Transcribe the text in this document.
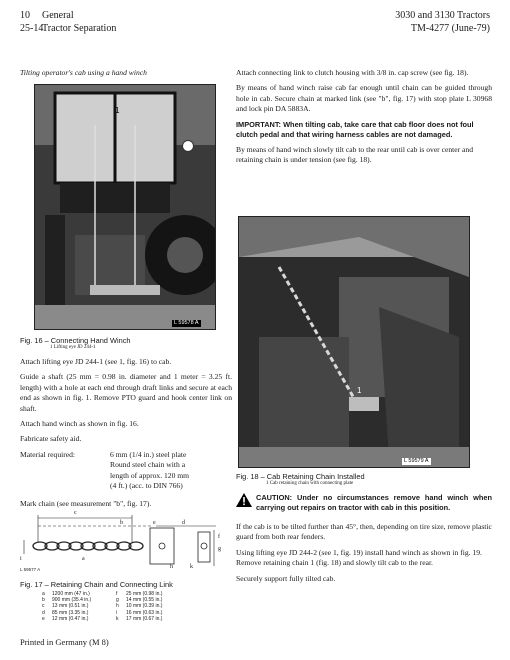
10 General
25-14
Tractor Separation
3030 and 3130 Tractors
TM-4277 (June-79)

Tilting operator's cab using a hand winch

1
L 59578 A

Fig. 16 – Connecting Hand Winch

1 Lifting eye JD 244-1

Attach lifting eye JD 244-1 (see 1, fig. 16) to cab.

Guide a shaft (25 mm = 0.98 in. diameter and 1 meter = 3.25 ft. length) with a hole at each end through draft links and secure at each end as shown in fig. 1. Remove PTO guard and hook center link on shaft.

Attach hand winch as shown in fig. 16.

Fabricate safety aid.

Material required:	6 mm (1/4 in.) steel plate
Round steel chain with a
length of approx. 120 mm
(4 ft.) (acc. to DIN 766)

Mark chain (see measurement "b", fig. 17).

c
b	d
e
a
f
g
h
i
k
L 59577 A

Fig. 17 – Retaining Chain and Connecting Link

a	1200 mm (47 in.)	f	25 mm (0.98 in.)
b	900 mm (35.4 in.)	g	14 mm (0.55 in.)
c	13 mm (0.51 in.)	h	10 mm (0.39 in.)
d	85 mm (3.35 in.)	i	16 mm (0.63 in.)
e	12 mm (0.47 in.)	k	17 mm (0.67 in.)
Printed in Germany (M 8)

Attach connecting link to clutch housing with 3/8 in. cap screw (see fig. 18).

By means of hand winch raise cab far enough until chain can be guided through hole in cab. Secure chain at marked link (see "b", fig. 17) with stop plate L 30968 and lock pin DA 5883A.

IMPORTANT: When tilting cab, take care that cab floor does not foul clutch pedal and that wiring harness cables are not damaged.

By means of hand winch slowly tilt cab to the rear until cab is over center and retaining chain is under tension (see fig. 18).

1
L 59579 A

Fig. 18 – Cab Retaining Chain Installed

1 Cab retaining chain with connecting plate

CAUTION: Under no circumstances remove hand winch when carrying out repairs on tractor with cab in this position.

If the cab is to be tilted further than 45°, then, depending on tire size, remove plastic guard from both rear fenders.

Using lifting eye JD 244-2 (see 1, fig. 19) install hand winch as shown in fig. 19. Remove retaining chain 1 (fig. 18) and slowly tilt cab to the rear.

Securely support fully tilted cab.
